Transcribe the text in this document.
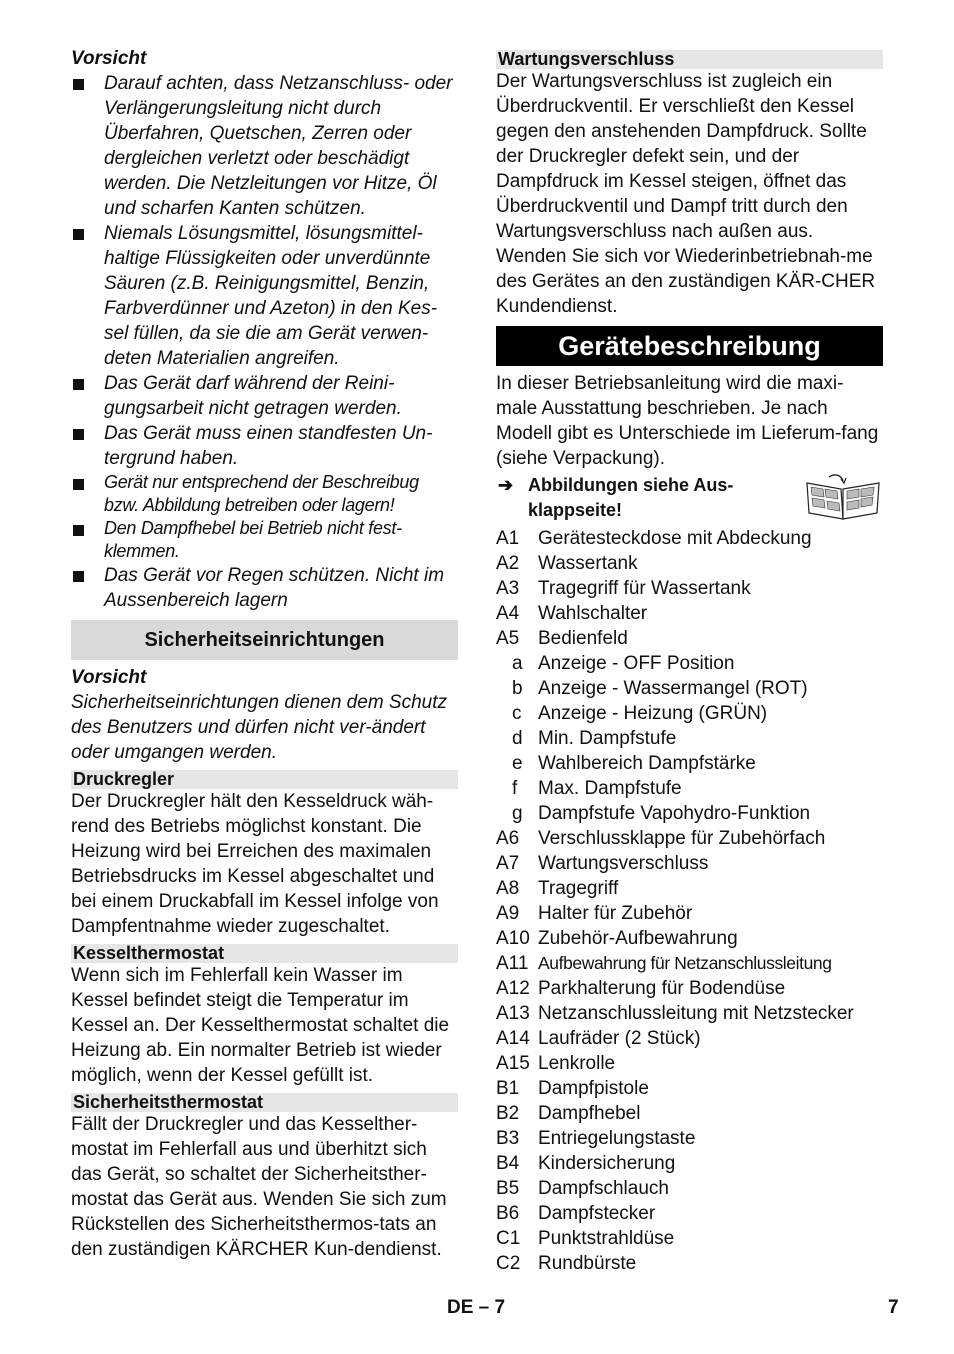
Vorsicht

Darauf achten, dass Netzanschluss- oder Verlängerungsleitung nicht durch Überfahren, Quetschen, Zerren oder dergleichen verletzt oder beschädigt werden. Die Netzleitungen vor Hitze, Öl und scharfen Kanten schützen.
Niemals Lösungsmittel, lösungsmittel-haltige Flüssigkeiten oder unverdünnte Säuren (z.B. Reinigungsmittel, Benzin, Farbverdünner und Azeton) in den Kes-sel füllen, da sie die am Gerät verwen-deten Materialien angreifen.
Das Gerät darf während der Reini-gungsarbeit nicht getragen werden.
Das Gerät muss einen standfesten Un-tergrund haben.
Gerät nur entsprechend der Beschreibug bzw. Abbildung betreiben oder lagern!
Den Dampfhebel bei Betrieb nicht fest-klemmen.
Das Gerät vor Regen schützen. Nicht im Aussenbereich lagern
Sicherheitseinrichtungen

Vorsicht

Sicherheitseinrichtungen dienen dem Schutz des Benutzers und dürfen nicht ver-ändert oder umgangen werden.
Druckregler

Der Druckregler hält den Kesseldruck wäh-rend des Betriebs möglichst konstant. Die Heizung wird bei Erreichen des maximalen Betriebsdrucks im Kessel abgeschaltet und bei einem Druckabfall im Kessel infolge von Dampfentnahme wieder zugeschaltet.

Kesselthermostat

Wenn sich im Fehlerfall kein Wasser im Kessel befindet steigt die Temperatur im Kessel an. Der Kesselthermostat schaltet die Heizung ab. Ein normalter Betrieb ist wieder möglich, wenn der Kessel gefüllt ist.

Sicherheitsthermostat

Fällt der Druckregler und das Kesselther-mostat im Fehlerfall aus und überhitzt sich das Gerät, so schaltet der Sicherheitsther-mostat das Gerät aus. Wenden Sie sich zum Rückstellen des Sicherheitsthermos-tats an den zuständigen KÄRCHER Kun-dendienst.

Wartungsverschluss

Der Wartungsverschluss ist zugleich ein Überdruckventil. Er verschließt den Kessel gegen den anstehenden Dampfdruck. Sollte der Druckregler defekt sein, und der Dampfdruck im Kessel steigen, öffnet das Überdruckventil und Dampf tritt durch den Wartungsverschluss nach außen aus. Wenden Sie sich vor Wiederinbetriebnah-me des Gerätes an den zuständigen KÄR-CHER Kundendienst.

Gerätebeschreibung

In dieser Betriebsanleitung wird die maxi-male Ausstattung beschrieben. Je nach Modell gibt es Unterschiede im Lieferum-fang (siehe Verpackung).

➔ Abbildungen siehe Aus-klappseite!
A1	Gerätesteckdose mit Abdeckung
A2	Wassertank
A3	Tragegriff für Wassertank
A4	Wahlschalter
A5	Bedienfeld
a	Anzeige - OFF Position
b	Anzeige - Wassermangel (ROT)
c	Anzeige - Heizung (GRÜN)
d	Min. Dampfstufe
e	Wahlbereich Dampfstärke
f	Max. Dampfstufe
g	Dampfstufe Vapohydro-Funktion
A6	Verschlussklappe für Zubehörfach
A7	Wartungsverschluss
A8	Tragegriff
A9	Halter für Zubehör
A10	Zubehör-Aufbewahrung
A11	Aufbewahrung für Netzanschlussleitung
A12	Parkhalterung für Bodendüse
A13	Netzanschlussleitung mit Netzstecker
A14	Laufräder (2 Stück)
A15	Lenkrolle
B1	Dampfpistole
B2	Dampfhebel
B3	Entriegelungstaste
B4	Kindersicherung
B5	Dampfschlauch
B6	Dampfstecker
C1	Punktstrahldüse
C2	Rundbürste
DE – 7	7
